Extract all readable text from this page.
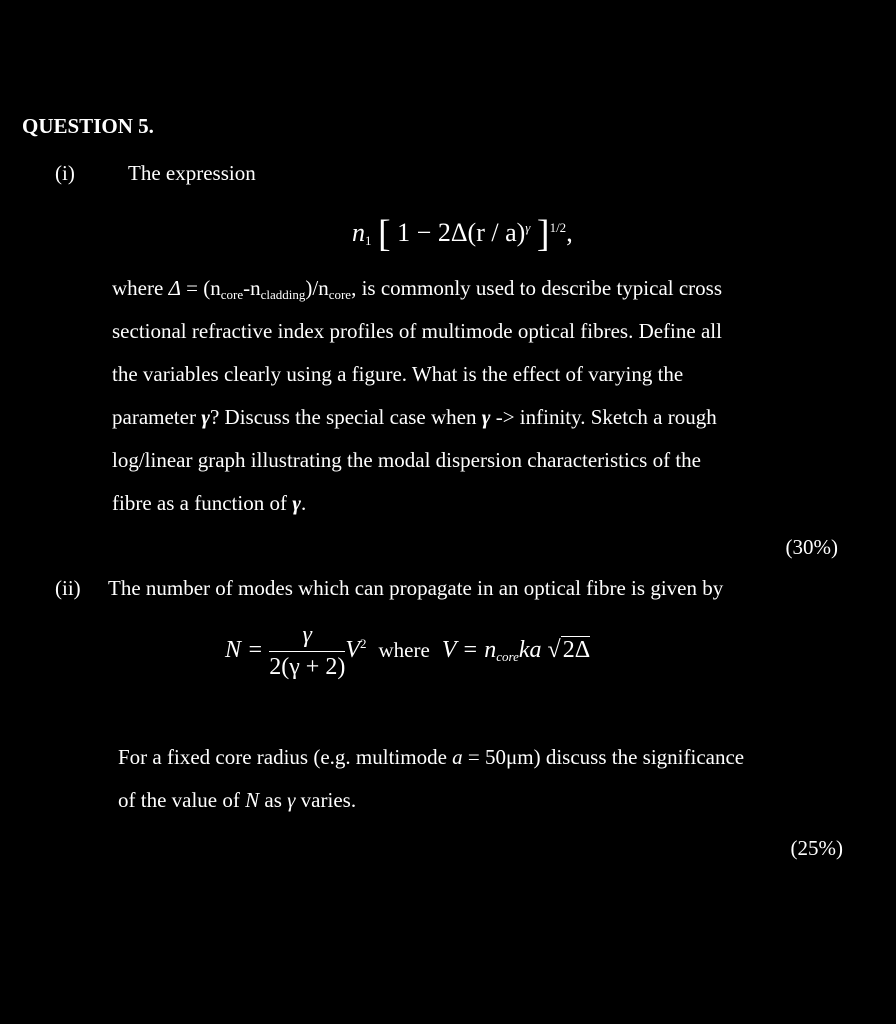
QUESTION 5.
(i)	The expression
$n_1$ [ 1 − 2Δ(r / a)$^\gamma$ ]$^{1/2}$,
where $\Delta = (n_{core}-n_{cladding})/n_{core}$, is commonly used to describe typical cross
sectional refractive index profiles of multimode optical fibres. Define all
the variables clearly using a figure. What is the effect of varying the
parameter γ? Discuss the special case when γ -> infinity. Sketch a rough
log/linear graph illustrating the modal dispersion characteristics of the
fibre as a function of γ.
(30%)
(ii) The number of modes which can propagate in an optical fibre is given by
$N = \frac{\gamma}{2(\gamma + 2)} V^2$ where $V = n_{core}ka$ √2Δ
For a fixed core radius (e.g. multimode a = 50μm) discuss the significance
of the value of N as γ varies.
(25%)
